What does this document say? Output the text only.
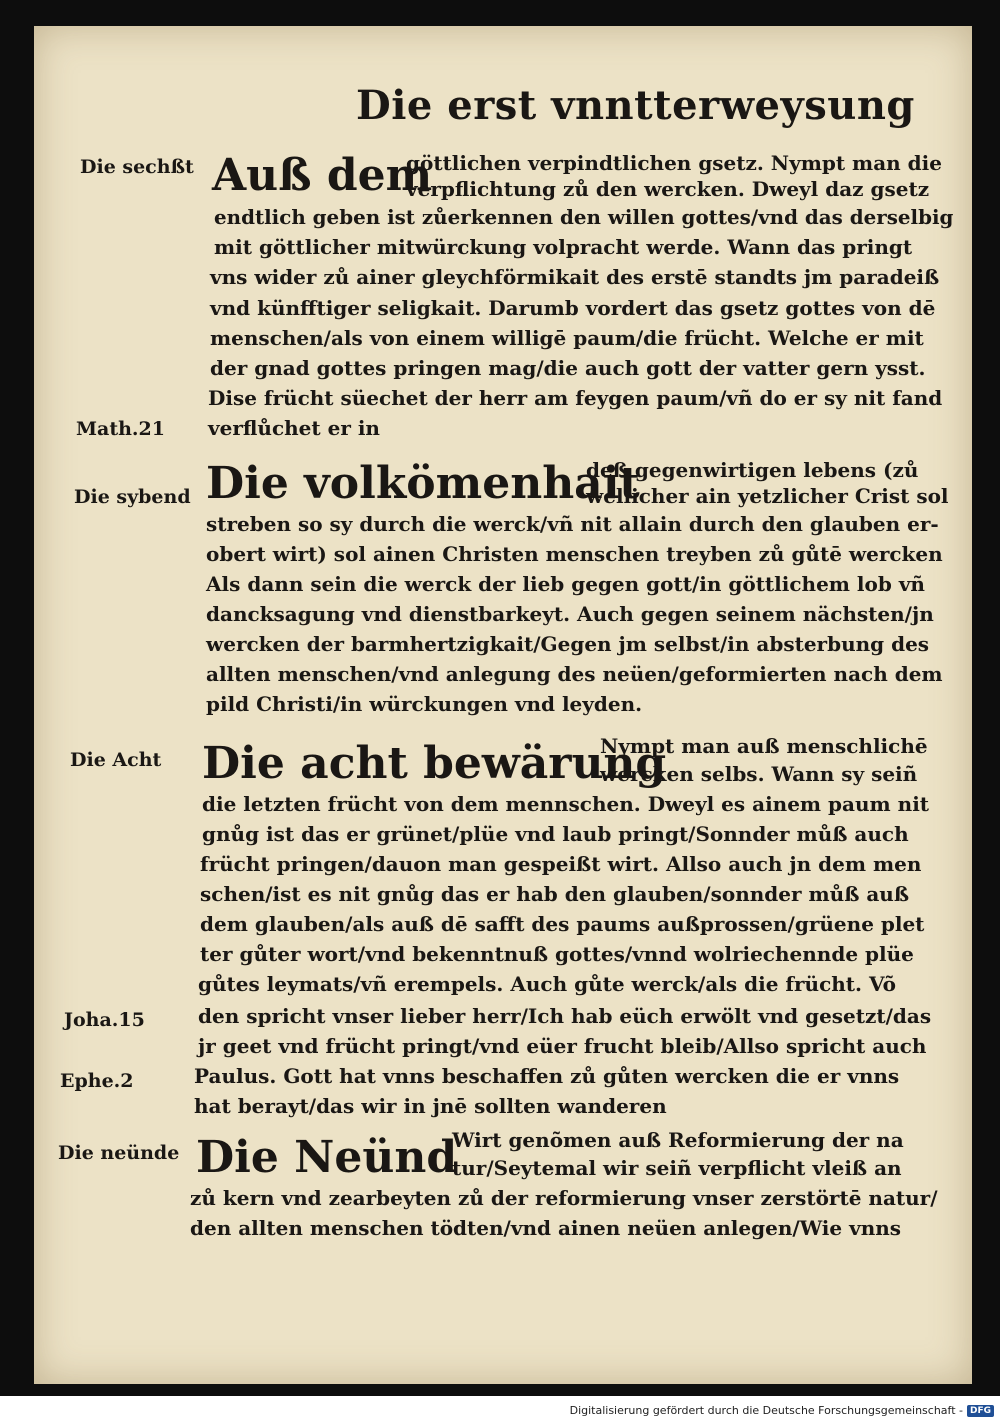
Die erst vnntterweysung
Die sechßt
Math.21
Die sybend
Die Acht
Joha.15
Ephe.2
Die neünde
Auß dem
göttlichen verpindtlichen gsetz. Nympt man die
verpflichtung zů den wercken. Dweyl daz gsetz
endtlich geben ist zůerkennen den willen gottes/vnd das derselbig
mit göttlicher mitwürckung volpracht werde. Wann das pringt
vns wider zů ainer gleychförmikait des erstē standts jm paradeiß
vnd künfftiger seligkait. Darumb vordert das gsetz gottes von dē
menschen/als von einem willigē paum/die frücht. Welche er mit
der gnad gottes pringen mag/die auch gott der vatter gern ysst.
Dise frücht süechet der herr am feygen paum/vñ do er sy nit fand
verflůchet er in
Die volkömenhait
deß gegenwirtigen lebens (zů
wellicher ain yetzlicher Crist sol
streben so sy durch die werck/vñ nit allain durch den glauben er-
obert wirt) sol ainen Christen menschen treyben zů gůtē wercken
Als dann sein die werck der lieb gegen gott/in göttlichem lob vñ
dancksagung vnd dienstbarkeyt. Auch gegen seinem nächsten/jn
wercken der barmhertzigkait/Gegen jm selbst/in absterbung des
allten menschen/vnd anlegung des neüen/geformierten nach dem
pild Christi/in würckungen vnd leyden.
Die acht bewärung
Nympt man auß menschlichē
wercken selbs. Wann sy seiñ
die letzten frücht von dem mennschen. Dweyl es ainem paum nit
gnůg ist das er grünet/plüe vnd laub pringt/Sonnder můß auch
frücht pringen/dauon man gespeißt wirt. Allso auch jn dem men
schen/ist es nit gnůg das er hab den glauben/sonnder můß auß
dem glauben/als auß dē safft des paums außprossen/grüene plet
ter gůter wort/vnd bekenntnuß gottes/vnnd wolriechennde plüe
gůtes leymats/vñ erempels. Auch gůte werck/als die frücht. Võ
den spricht vnser lieber herr/Ich hab eüch erwölt vnd gesetzt/das
jr geet vnd frücht pringt/vnd eüer frucht bleib/Allso spricht auch
Paulus. Gott hat vnns beschaffen zů gůten wercken die er vnns
hat berayt/das wir in jnē sollten wanderen
Die Neünd
Wirt genõmen auß Reformierung der na
tur/Seytemal wir seiñ verpflicht vleiß an
zů kern vnd zearbeyten zů der reformierung vnser zerstörtē natur/
den allten menschen tödten/vnd ainen neüen anlegen/Wie vnns
Digitalisierung gefördert durch die Deutsche Forschungsgemeinschaft - DFG
